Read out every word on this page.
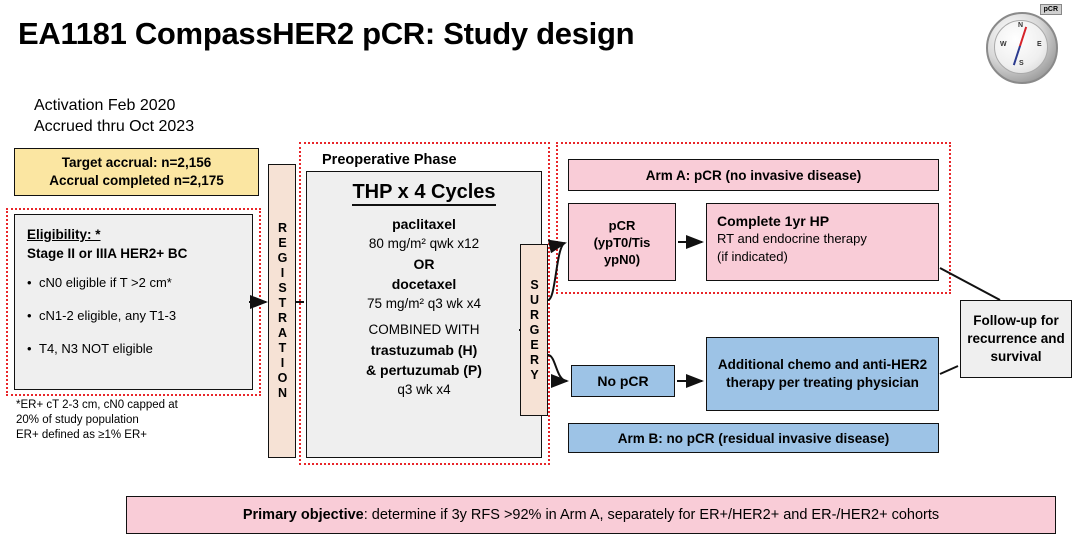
EA1181 CompassHER2 pCR: Study design	N
S
E
W
pCR
Activation Feb 2020
Accrued thru Oct 2023
Target accrual: n=2,156
Accrual completed n=2,175
Eligibility: *
Stage II or IIIA HER2+ BC
• cN0 eligible if T >2 cm*
• cN1-2 eligible, any T1-3
• T4, N3 NOT eligible
*ER+ cT 2-3 cm, cN0 capped at
20% of study population
ER+ defined as ≥1% ER+
REGISTRATION
Preoperative Phase
THP x 4 Cycles
paclitaxel
80 mg/m² qwk x12
OR
docetaxel
75 mg/m² q3 wk x4
COMBINED WITH
trastuzumab (H)
& pertuzumab (P)
q3 wk x4
SURGERY
Arm A: pCR (no invasive disease)
pCR
(ypT0/Tis
ypN0)
Complete 1yr HP
RT and endocrine therapy
(if indicated)
No pCR
Additional chemo and anti-HER2 therapy per treating physician
Arm B: no pCR (residual invasive disease)
Follow-up for recurrence and survival
Primary objective : determine if 3y RFS >92% in Arm A, separately for ER+/HER2+ and ER-/HER2+ cohorts
